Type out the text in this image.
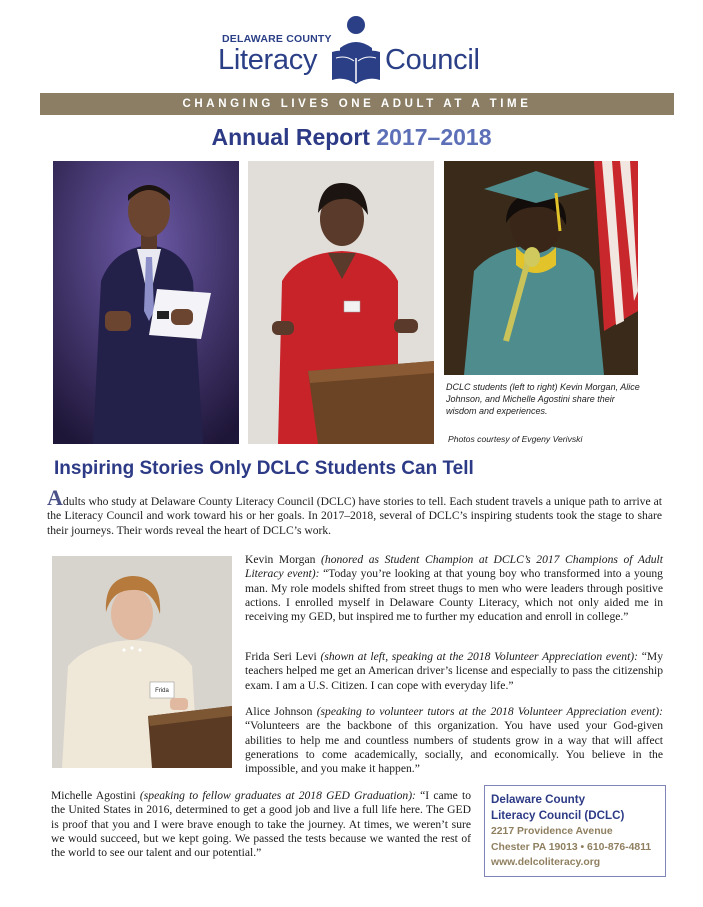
DELAWARE COUNTY
Literacy Council
CHANGING LIVES ONE ADULT AT A TIME
Annual Report 2017–2018
DCLC students (left to right) Kevin Morgan, Alice Johnson, and Michelle Agostini share their wisdom and experiences.
Photos courtesy of Evgeny Verivski
Inspiring Stories Only DCLC Students Can Tell
Adults who study at Delaware County Literacy Council (DCLC) have stories to tell. Each student travels a unique path to arrive at the Literacy Council and work toward his or her goals. In 2017–2018, several of DCLC’s inspiring students took the stage to share their journeys. Their words reveal the heart of DCLC’s work.
Frida
Kevin Morgan (honored as Student Champion at DCLC’s 2017 Champions of Adult Literacy event): “Today you’re looking at that young boy who transformed into a young man. My role models shifted from street thugs to men who were leaders through positive actions. I enrolled myself in Delaware County Literacy, which not only aided me in receiving my GED, but inspired me to further my education and enroll in college.”
Frida Seri Levi (shown at left, speaking at the 2018 Volunteer Appreciation event): “My teachers helped me get an American driver’s license and especially to pass the citizenship exam. I am a U.S. Citizen. I can cope with everyday life.”
Alice Johnson (speaking to volunteer tutors at the 2018 Volunteer Appreciation event): “Volunteers are the backbone of this organization. You have used your God-given abilities to help me and countless numbers of students grow in a way that will affect generations to come academically, socially, and economically. You believe in the impossible, and you make it happen.”
Michelle Agostini (speaking to fellow graduates at 2018 GED Graduation): “I came to the United States in 2016, determined to get a good job and live a full life here. The GED is proof that you and I were brave enough to take the journey. At times, we weren’t sure we would succeed, but we kept going. We passed the tests because we wanted the rest of the world to see our talent and our potential.”
Delaware County
Literacy Council (DCLC)
2217 Providence Avenue
Chester PA 19013 • 610-876-4811
www.delcoliteracy.org
